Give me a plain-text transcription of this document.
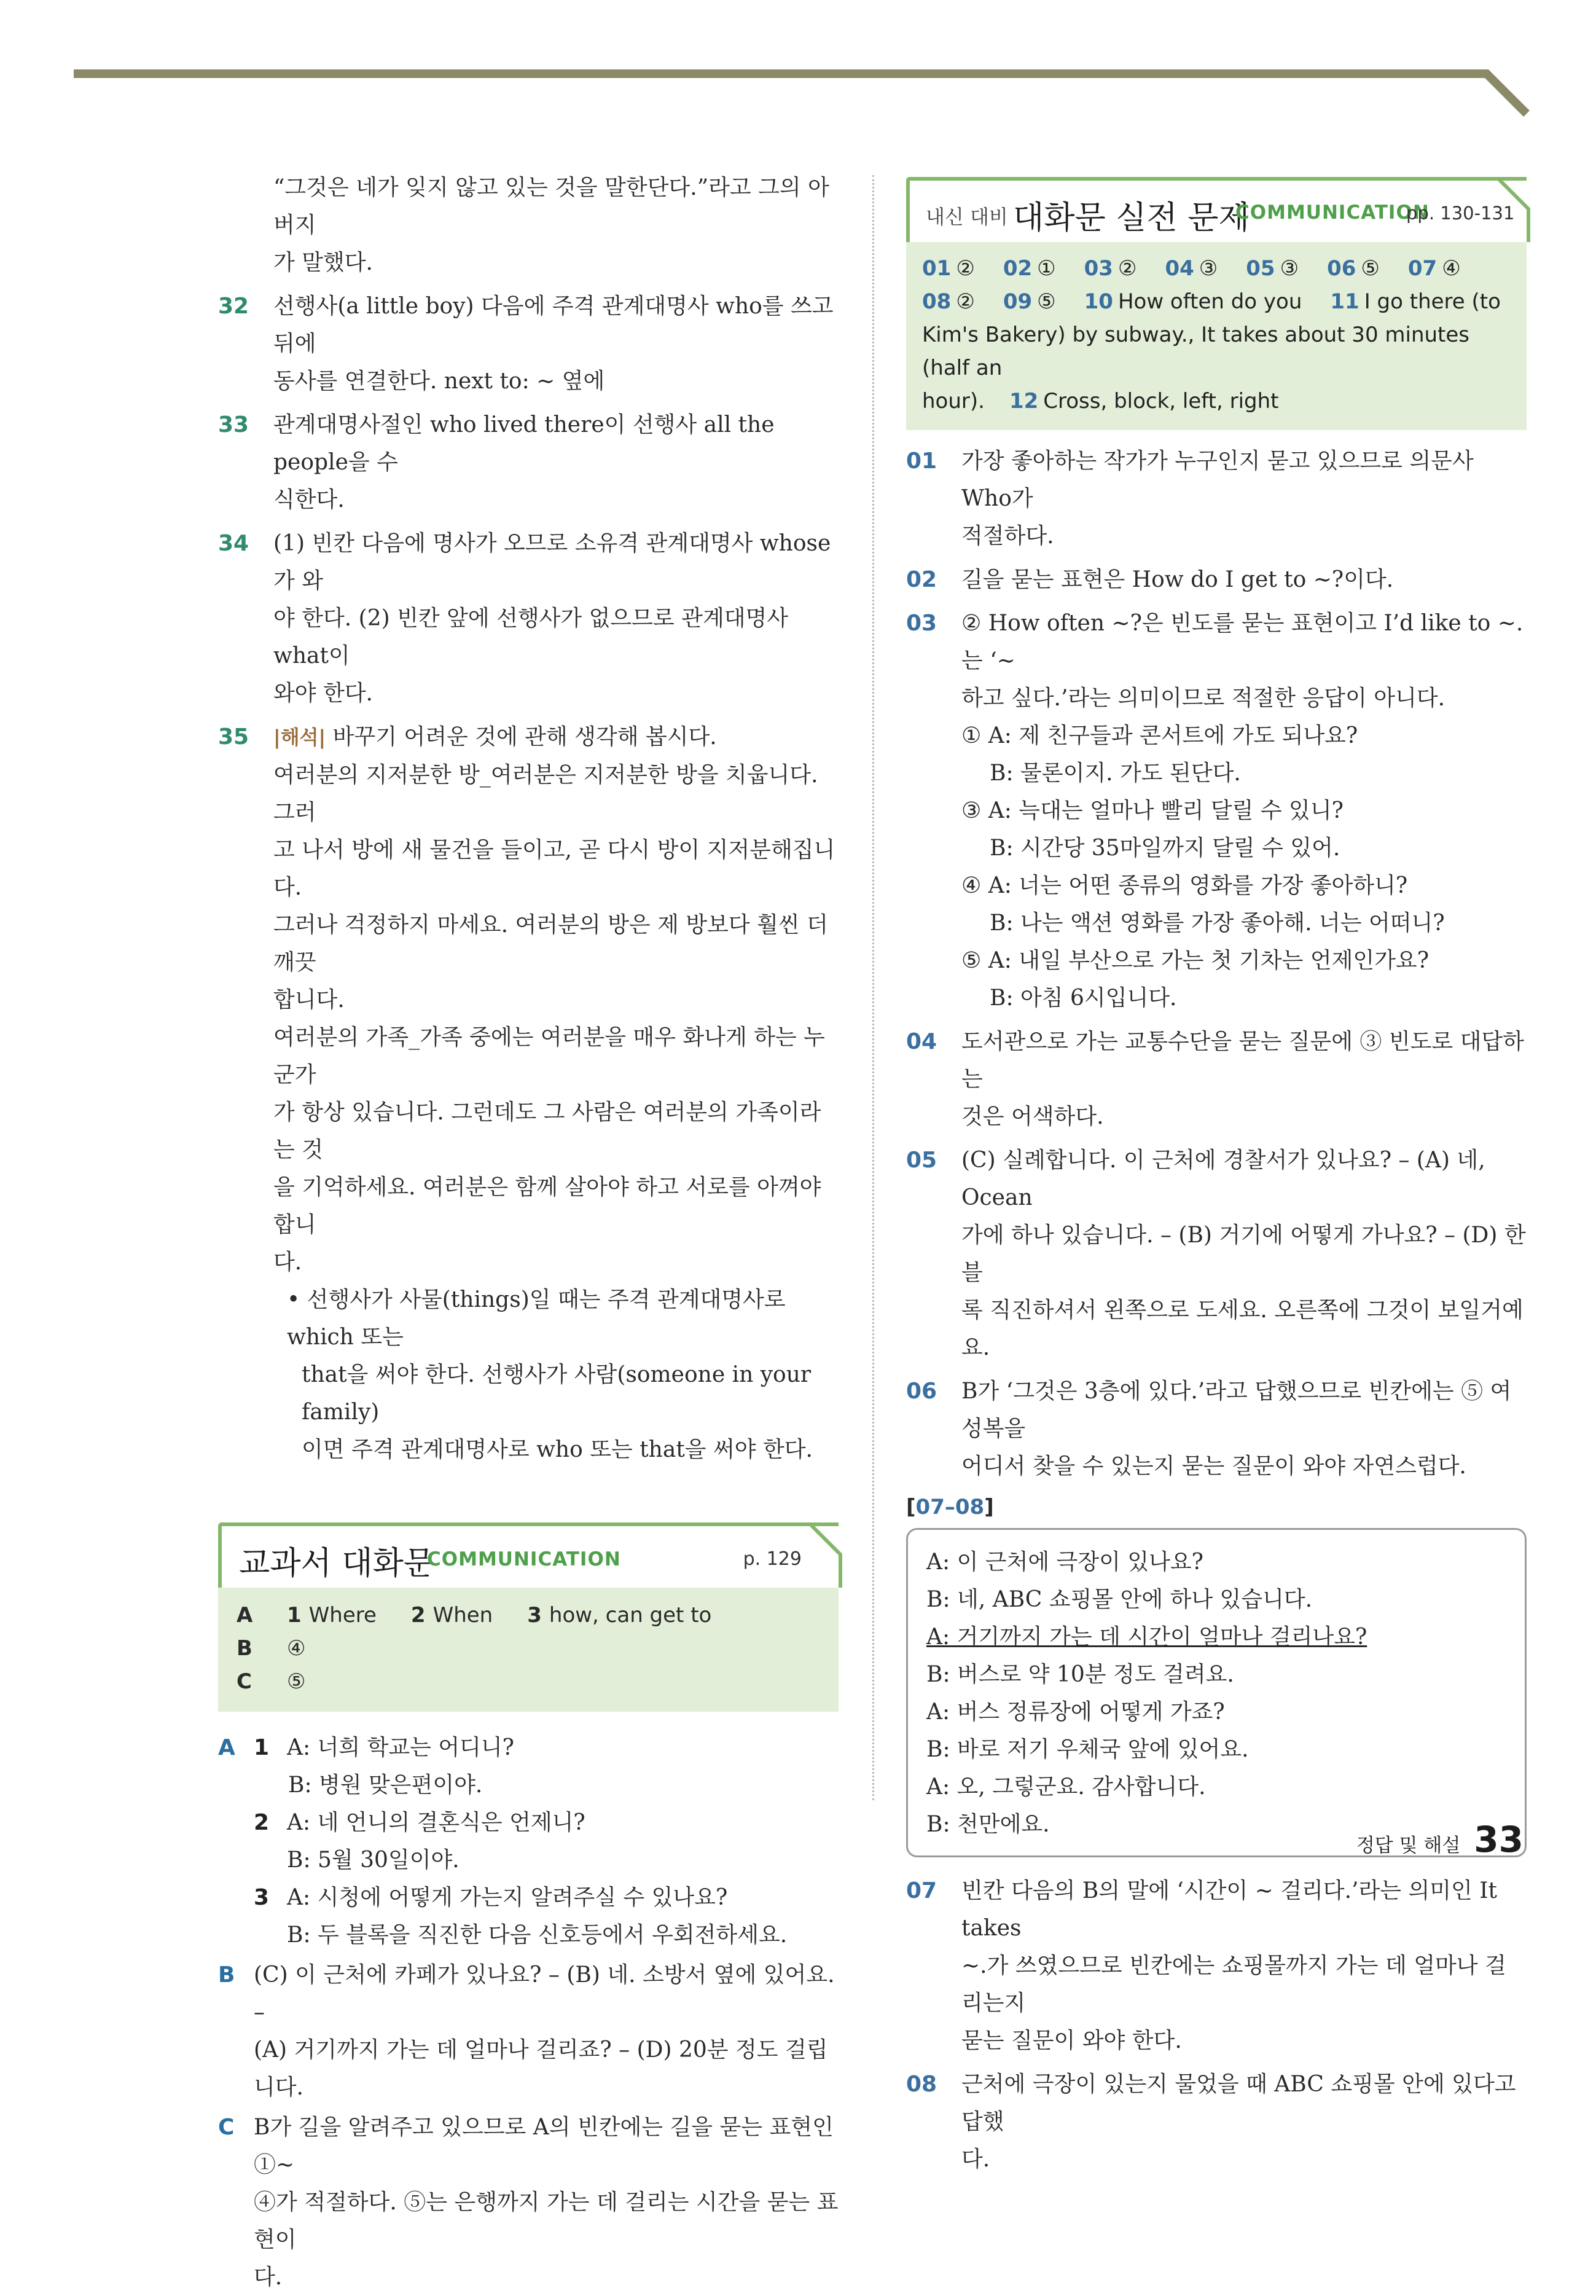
“그것은 네가 잊지 않고 있는 것을 말한단다.”라고 그의 아버지

가 말했다.

32	선행사(a little boy) 다음에 주격 관계대명사 who를 쓰고 뒤에

동사를 연결한다. next to: ~ 옆에

33	관계대명사절인 who lived there이 선행사 all the people을 수

식한다.

34	(1) 빈칸 다음에 명사가 오므로 소유격 관계대명사 whose가 와

야 한다. (2) 빈칸 앞에 선행사가 없으므로 관계대명사 what이

와야 한다.

35	|해석| 바꾸기 어려운 것에 관해 생각해 봅시다.

여러분의 지저분한 방_여러분은 지저분한 방을 치웁니다. 그러

고 나서 방에 새 물건을 들이고, 곧 다시 방이 지저분해집니다.

그러나 걱정하지 마세요. 여러분의 방은 제 방보다 훨씬 더 깨끗

합니다.

여러분의 가족_가족 중에는 여러분을 매우 화나게 하는 누군가

가 항상 있습니다. 그런데도 그 사람은 여러분의 가족이라는 것

을 기억하세요. 여러분은 함께 살아야 하고 서로를 아껴야 합니

다.

• 선행사가 사물(things)일 때는 주격 관계대명사로 which 또는

that을 써야 한다. 선행사가 사람(someone in your family)

이면 주격 관계대명사로 who 또는 that을 써야 한다.

교과서 대화문
COMMUNICATION	p. 129
A	1 Where 2 When 3 how, can get to
B	④
C	⑤
A 1 A: 너희 학교는 어디니?

B: 병원 맞은편이야.

2 A: 네 언니의 결혼식은 언제니?

B: 5월 30일이야.

3 A: 시청에 어떻게 가는지 알려주실 수 있나요?

B: 두 블록을 직진한 다음 신호등에서 우회전하세요.

B (C) 이 근처에 카페가 있나요? – (B) 네. 소방서 옆에 있어요. –

(A) 거기까지 가는 데 얼마나 걸리죠? – (D) 20분 정도 걸립니다.

C B가 길을 알려주고 있으므로 A의 빈칸에는 길을 묻는 표현인 ①~

④가 적절하다. ⑤는 은행까지 가는 데 걸리는 시간을 묻는 표현이

다.

내신 대비 대화문 실전 문제
COMMUNICATION
pp. 130-131
01 ② 02 ① 03 ② 04 ③ 05 ③ 06 ⑤ 07 ④
08 ② 09 ⑤ 10 How often do you 11 I go there (to
Kim's Bakery) by subway., It takes about 30 minutes (half an
hour). 12 Cross, block, left, right
01	가장 좋아하는 작가가 누구인지 묻고 있으므로 의문사 Who가

적절하다.

02	길을 묻는 표현은 How do I get to ~?이다.

03	② How often ~?은 빈도를 묻는 표현이고 I’d like to ~.는 ‘~

하고 싶다.’라는 의미이므로 적절한 응답이 아니다.

① A: 제 친구들과 콘서트에 가도 되나요?

B: 물론이지. 가도 된단다.

③ A: 늑대는 얼마나 빨리 달릴 수 있니?

B: 시간당 35마일까지 달릴 수 있어.

④ A: 너는 어떤 종류의 영화를 가장 좋아하니?

B: 나는 액션 영화를 가장 좋아해. 너는 어떠니?

⑤ A: 내일 부산으로 가는 첫 기차는 언제인가요?

B: 아침 6시입니다.

04	도서관으로 가는 교통수단을 묻는 질문에 ③ 빈도로 대답하는

것은 어색하다.

05	(C) 실례합니다. 이 근처에 경찰서가 있나요? – (A) 네, Ocean

가에 하나 있습니다. – (B) 거기에 어떻게 가나요? – (D) 한 블

록 직진하셔서 왼쪽으로 도세요. 오른쪽에 그것이 보일거예요.

06	B가 ‘그것은 3층에 있다.’라고 답했으므로 빈칸에는 ⑤ 여성복을

어디서 찾을 수 있는지 묻는 질문이 와야 자연스럽다.

[07–08]

A: 이 근처에 극장이 있나요?

B: 네, ABC 쇼핑몰 안에 하나 있습니다.

A: 거기까지 가는 데 시간이 얼마나 걸리나요?

B: 버스로 약 10분 정도 걸려요.

A: 버스 정류장에 어떻게 가죠?

B: 바로 저기 우체국 앞에 있어요.

A: 오, 그렇군요. 감사합니다.

B: 천만에요.

07	빈칸 다음의 B의 말에 ‘시간이 ~ 걸리다.’라는 의미인 It takes

~.가 쓰였으므로 빈칸에는 쇼핑몰까지 가는 데 얼마나 걸리는지

묻는 질문이 와야 한다.

08	근처에 극장이 있는지 물었을 때 ABC 쇼핑몰 안에 있다고 답했

다.

정답 및 해설 33
